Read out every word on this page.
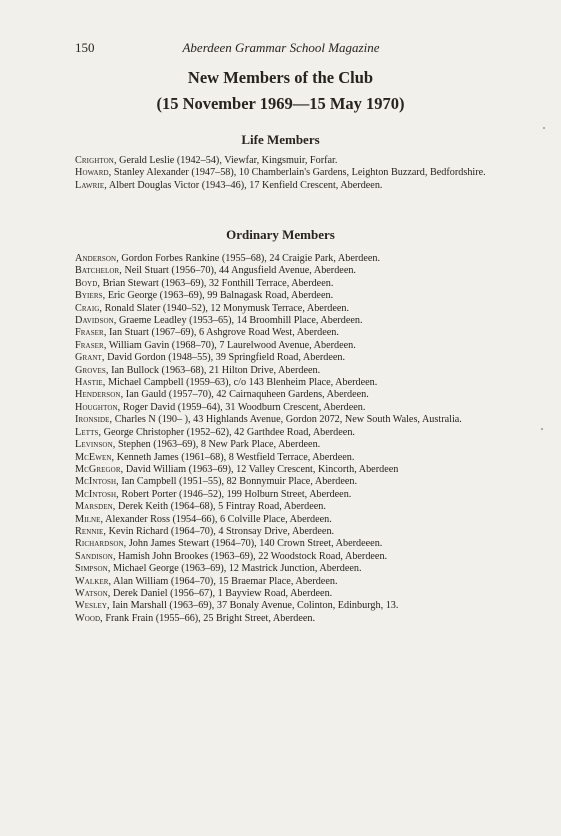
150	Aberdeen Grammar School Magazine
New Members of the Club
(15 November 1969—15 May 1970)
Life Members
Crighton, Gerald Leslie (1942–54), Viewfar, Kingsmuir, Forfar.
Howard, Stanley Alexander (1947–58), 10 Chamberlain's Gardens, Leighton Buzzard, Bedfordshire.
Lawrie, Albert Douglas Victor (1943–46), 17 Kenfield Crescent, Aberdeen.
Ordinary Members
Anderson, Gordon Forbes Rankine (1955–68), 24 Craigie Park, Aberdeen.
Batchelor, Neil Stuart (1956–70), 44 Angusfield Avenue, Aberdeen.
Boyd, Brian Stewart (1963–69), 32 Fonthill Terrace, Aberdeen.
Byiers, Eric George (1963–69), 99 Balnagask Road, Aberdeen.
Craig, Ronald Slater (1940–52), 12 Monymusk Terrace, Aberdeen.
Davidson, Graeme Leadley (1953–65), 14 Broomhill Place, Aberdeen.
Fraser, Ian Stuart (1967–69), 6 Ashgrove Road West, Aberdeen.
Fraser, William Gavin (1968–70), 7 Laurelwood Avenue, Aberdeen.
Grant, David Gordon (1948–55), 39 Springfield Road, Aberdeen.
Groves, Ian Bullock (1963–68), 21 Hilton Drive, Aberdeen.
Hastie, Michael Campbell (1959–63), c/o 143 Blenheim Place, Aberdeen.
Henderson, Ian Gauld (1957–70), 42 Cairnaquheen Gardens, Aberdeen.
Houghton, Roger David (1959–64), 31 Woodburn Crescent, Aberdeen.
Ironside, Charles N (190– ), 43 Highlands Avenue, Gordon 2072, New South Wales, Australia.
Letts, George Christopher (1952–62), 42 Garthdee Road, Aberdeen.
Levinson, Stephen (1963–69), 8 New Park Place, Aberdeen.
McEwen, Kenneth James (1961–68), 8 Westfield Terrace, Aberdeen.
McGregor, David William (1963–69), 12 Valley Crescent, Kincorth, Aberdeen
McIntosh, Ian Campbell (1951–55), 82 Bonnymuir Place, Aberdeen.
McIntosh, Robert Porter (1946–52), 199 Holburn Street, Aberdeen.
Marsden, Derek Keith (1964–68), 5 Fintray Road, Aberdeen.
Milne, Alexander Ross (1954–66), 6 Colville Place, Aberdeen.
Rennie, Kevin Richard (1964–70), 4 Stronsay Drive, Aberdeen.
Richardson, John James Stewart (1964–70), 140 Crown Street, Aberdeeen.
Sandison, Hamish John Brookes (1963–69), 22 Woodstock Road, Aberdeen.
Simpson, Michael George (1963–69), 12 Mastrick Junction, Aberdeen.
Walker, Alan William (1964–70), 15 Braemar Place, Aberdeen.
Watson, Derek Daniel (1956–67), 1 Bayview Road, Aberdeen.
Wesley, Iain Marshall (1963–69), 37 Bonaly Avenue, Colinton, Edinburgh, 13.
Wood, Frank Frain (1955–66), 25 Bright Street, Aberdeen.
